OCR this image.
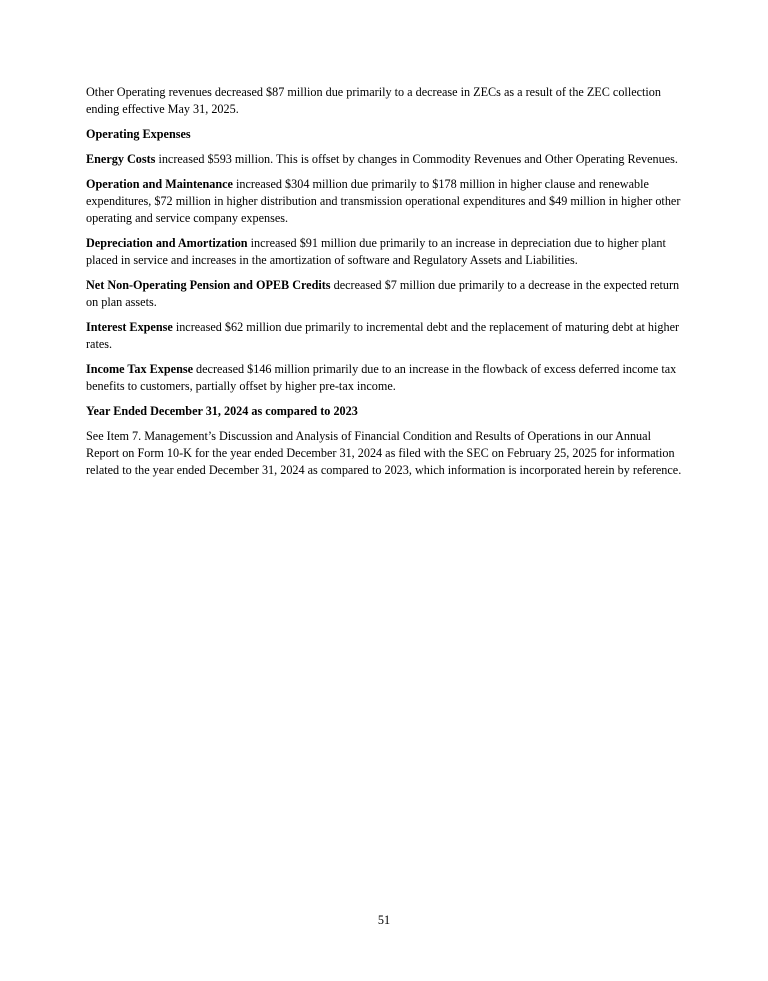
Other Operating revenues decreased $87 million due primarily to a decrease in ZECs as a result of the ZEC collection ending effective May 31, 2025.

Operating Expenses

Energy Costs increased $593 million. This is offset by changes in Commodity Revenues and Other Operating Revenues.

Operation and Maintenance increased $304 million due primarily to $178 million in higher clause and renewable expenditures, $72 million in higher distribution and transmission operational expenditures and $49 million in higher other operating and service company expenses.

Depreciation and Amortization increased $91 million due primarily to an increase in depreciation due to higher plant placed in service and increases in the amortization of software and Regulatory Assets and Liabilities.

Net Non-Operating Pension and OPEB Credits decreased $7 million due primarily to a decrease in the expected return on plan assets.

Interest Expense increased $62 million due primarily to incremental debt and the replacement of maturing debt at higher rates.

Income Tax Expense decreased $146 million primarily due to an increase in the flowback of excess deferred income tax benefits to customers, partially offset by higher pre-tax income.

Year Ended December 31, 2024 as compared to 2023

See Item 7. Management’s Discussion and Analysis of Financial Condition and Results of Operations in our Annual Report on Form 10-K for the year ended December 31, 2024 as filed with the SEC on February 25, 2025 for information related to the year ended December 31, 2024 as compared to 2023, which information is incorporated herein by reference.

51
